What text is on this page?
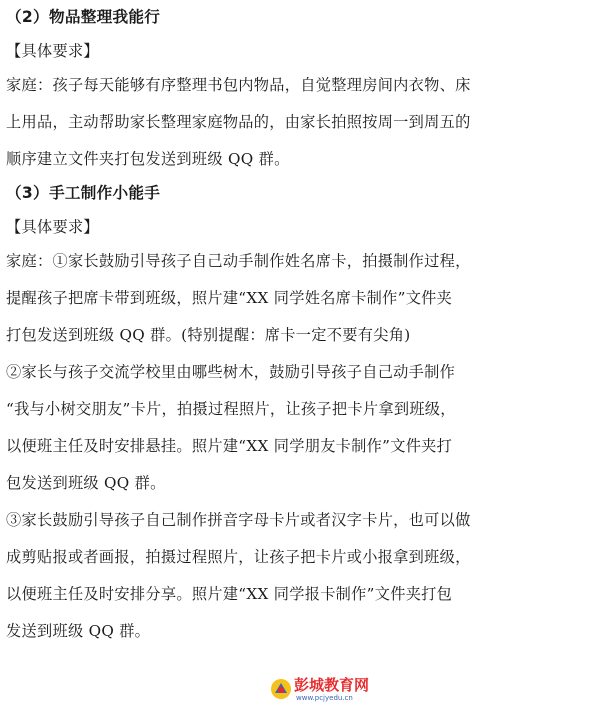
（2）物品整理我能行
【具体要求】
家庭：孩子每天能够有序整理书包内物品，自觉整理房间内衣物、床
上用品，主动帮助家长整理家庭物品的，由家长拍照按周一到周五的
顺序建立文件夹打包发送到班级 QQ 群。
（3）手工制作小能手
【具体要求】
家庭：①家长鼓励引导孩子自己动手制作姓名席卡，拍摄制作过程，
提醒孩子把席卡带到班级，照片建“XX 同学姓名席卡制作”文件夹
打包发送到班级 QQ 群。(特别提醒：席卡一定不要有尖角)
②家长与孩子交流学校里由哪些树木，鼓励引导孩子自己动手制作
“我与小树交朋友”卡片，拍摄过程照片，让孩子把卡片拿到班级，
以便班主任及时安排悬挂。照片建“XX 同学朋友卡制作”文件夹打
包发送到班级 QQ 群。
③家长鼓励引导孩子自己制作拼音字母卡片或者汉字卡片，也可以做
成剪贴报或者画报，拍摄过程照片，让孩子把卡片或小报拿到班级，
以便班主任及时安排分享。照片建“XX 同学报卡制作”文件夹打包
发送到班级 QQ 群。
彭城教育网
www.pcjyedu.cn
